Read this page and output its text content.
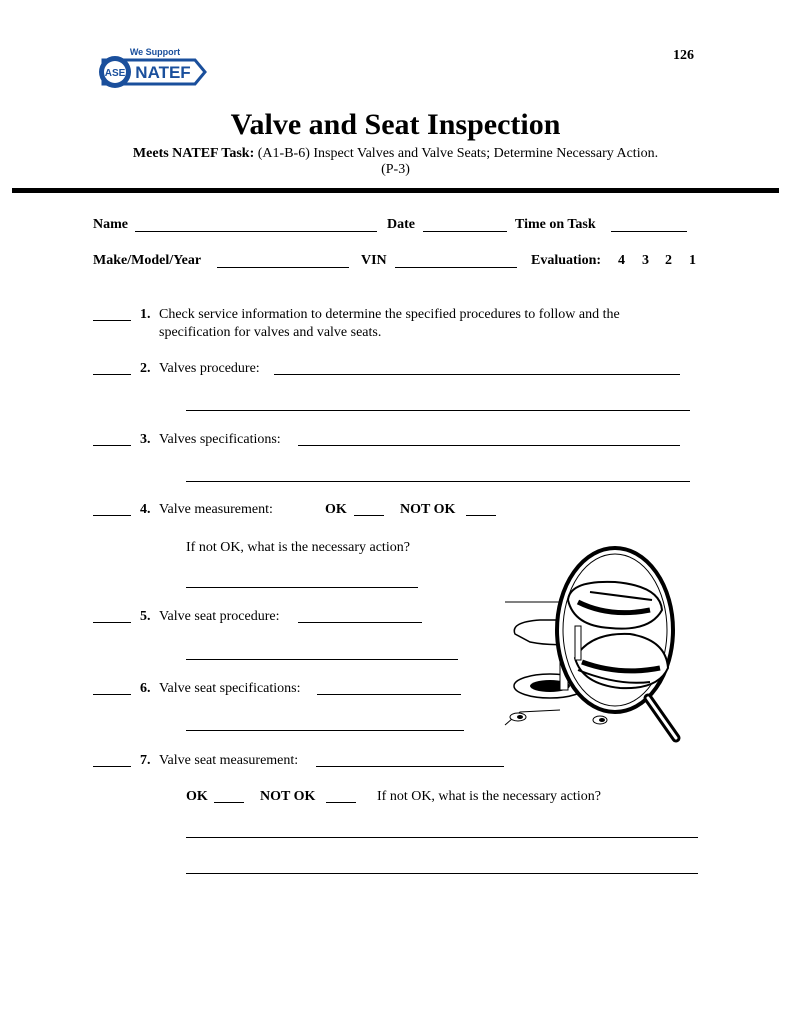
ASE NATEF
We Support	126
Valve and Seat Inspection
Meets NATEF Task: (A1-B-6) Inspect Valves and Valve Seats; Determine Necessary Action.
(P-3)
Name	Date	Time on Task
Make/Model/Year	VIN	Evaluation: 4 3 2 1
1. Check service information to determine the specified procedures to follow and the
specification for valves and valve seats.
2. Valves procedure:
3. Valves specifications:
4. Valve measurement:	OK	NOT OK
If not OK, what is the necessary action?
5. Valve seat procedure:
6. Valve seat specifications:
7. Valve seat measurement:
OK	NOT OK	If not OK, what is the necessary action?
